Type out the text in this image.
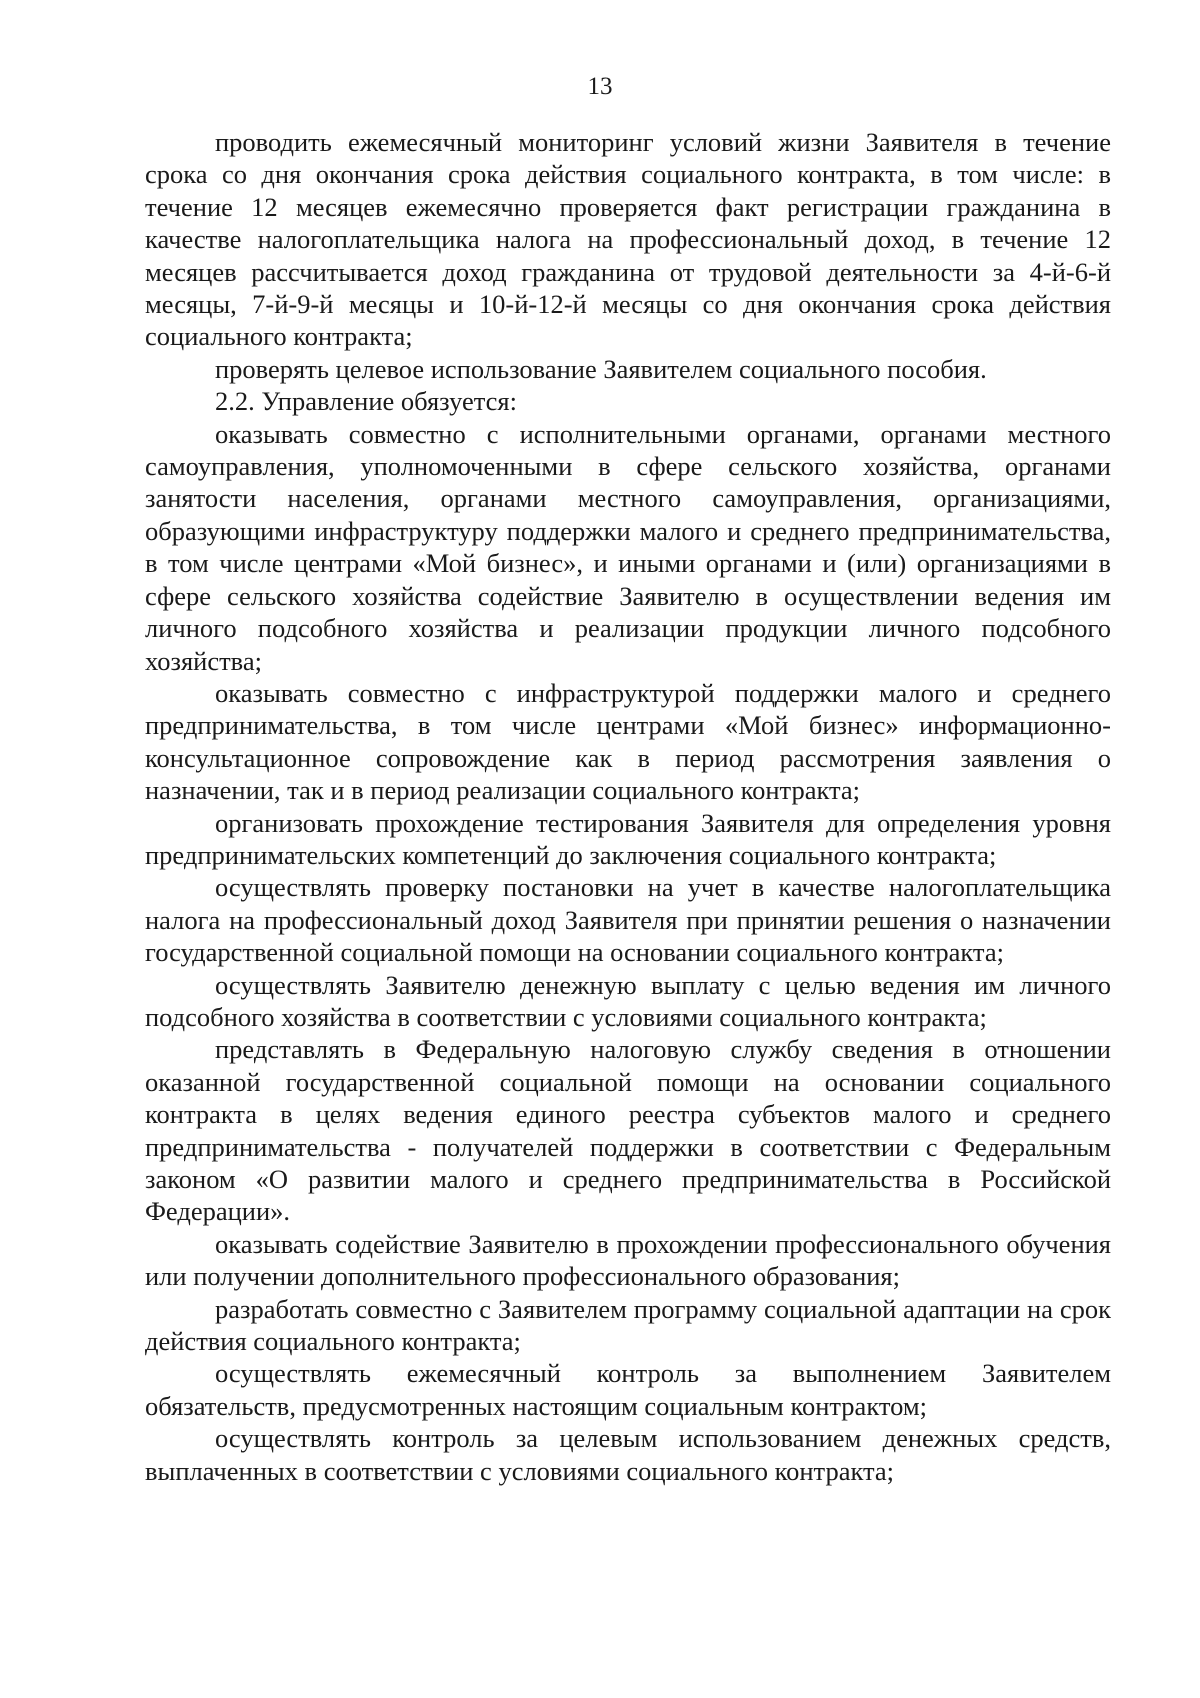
13

проводить ежемесячный мониторинг условий жизни Заявителя в течение срока со дня окончания срока действия социального контракта, в том числе: в течение 12 месяцев ежемесячно проверяется факт регистрации гражданина в качестве налогоплательщика налога на профессиональный доход, в течение 12 месяцев рассчитывается доход гражданина от трудовой деятельности за 4-й-6-й месяцы, 7-й-9-й месяцы и 10-й-12-й месяцы со дня окончания срока действия социального контракта;

проверять целевое использование Заявителем социального пособия.

2.2. Управление обязуется:

оказывать совместно с исполнительными органами, органами местного самоуправления, уполномоченными в сфере сельского хозяйства, органами занятости населения, органами местного самоуправления, организациями, образующими инфраструктуру поддержки малого и среднего предпринимательства, в том числе центрами «Мой бизнес», и иными органами и (или) организациями в сфере сельского хозяйства содействие Заявителю в осуществлении ведения им личного подсобного хозяйства и реализации продукции личного подсобного хозяйства;

оказывать совместно с инфраструктурой поддержки малого и среднего предпринимательства, в том числе центрами «Мой бизнес» информационно-консультационное сопровождение как в период рассмотрения заявления о назначении, так и в период реализации социального контракта;

организовать прохождение тестирования Заявителя для определения уровня предпринимательских компетенций до заключения социального контракта;

осуществлять проверку постановки на учет в качестве налогоплательщика налога на профессиональный доход Заявителя при принятии решения о назначении государственной социальной помощи на основании социального контракта;

осуществлять Заявителю денежную выплату с целью ведения им личного подсобного хозяйства в соответствии с условиями социального контракта;

представлять в Федеральную налоговую службу сведения в отношении оказанной государственной социальной помощи на основании социального контракта в целях ведения единого реестра субъектов малого и среднего предпринимательства - получателей поддержки в соответствии с Федеральным законом «О развитии малого и среднего предпринимательства в Российской Федерации».

оказывать содействие Заявителю в прохождении профессионального обучения или получении дополнительного профессионального образования;

разработать совместно с Заявителем программу социальной адаптации на срок действия социального контракта;

осуществлять ежемесячный контроль за выполнением Заявителем обязательств, предусмотренных настоящим социальным контрактом;

осуществлять контроль за целевым использованием денежных средств, выплаченных в соответствии с условиями социального контракта;
